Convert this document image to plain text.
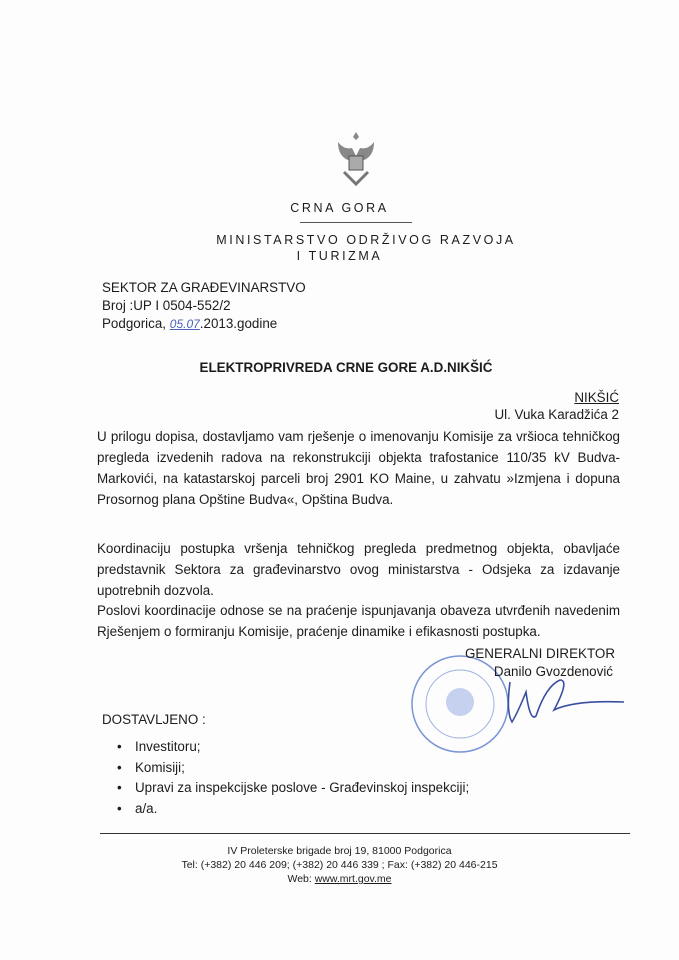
CRNA GORA
MINISTARSTVO ODRŽIVOG RAZVOJA
I TURIZMA
SEKTOR ZA GRAĐEVINARSTVO
Broj :UP I 0504-552/2
Podgorica, 05.07.2013.godine
ELEKTROPRIVREDA CRNE GORE A.D.NIKŠIĆ
NIKŠIĆ
Ul. Vuka Karadžića 2
U prilogu dopisa, dostavljamo vam rješenje o imenovanju Komisije za vršioca tehničkog pregleda izvedenih radova na rekonstrukciji objekta trafostanice 110/35 kV Budva-Markovići, na katastarskoj parceli broj 2901 KO Maine, u zahvatu »Izmjena i dopuna Prosornog plana Opštine Budva«, Opština Budva.
Koordinaciju postupka vršenja tehničkog pregleda predmetnog objekta, obavljaće predstavnik Sektora za građevinarstvo ovog ministarstva - Odsjeka za izdavanje upotrebnih dozvola.
Poslovi koordinacije odnose se na praćenje ispunjavanja obaveza utvrđenih navedenim Rješenjem o formiranju Komisije, praćenje dinamike i efikasnosti postupka.
GENERALNI DIREKTOR
Danilo Gvozdenović
DOSTAVLJENO :
• Investitoru;
• Komisiji;
• Upravi za inspekcijske poslove - Građevinskoj inspekciji;
• a/a.
IV Proleterske brigade broj 19, 81000 Podgorica
Tel: (+382) 20 446 209; (+382) 20 446 339 ; Fax: (+382) 20 446-215
Web: www.mrt.gov.me
